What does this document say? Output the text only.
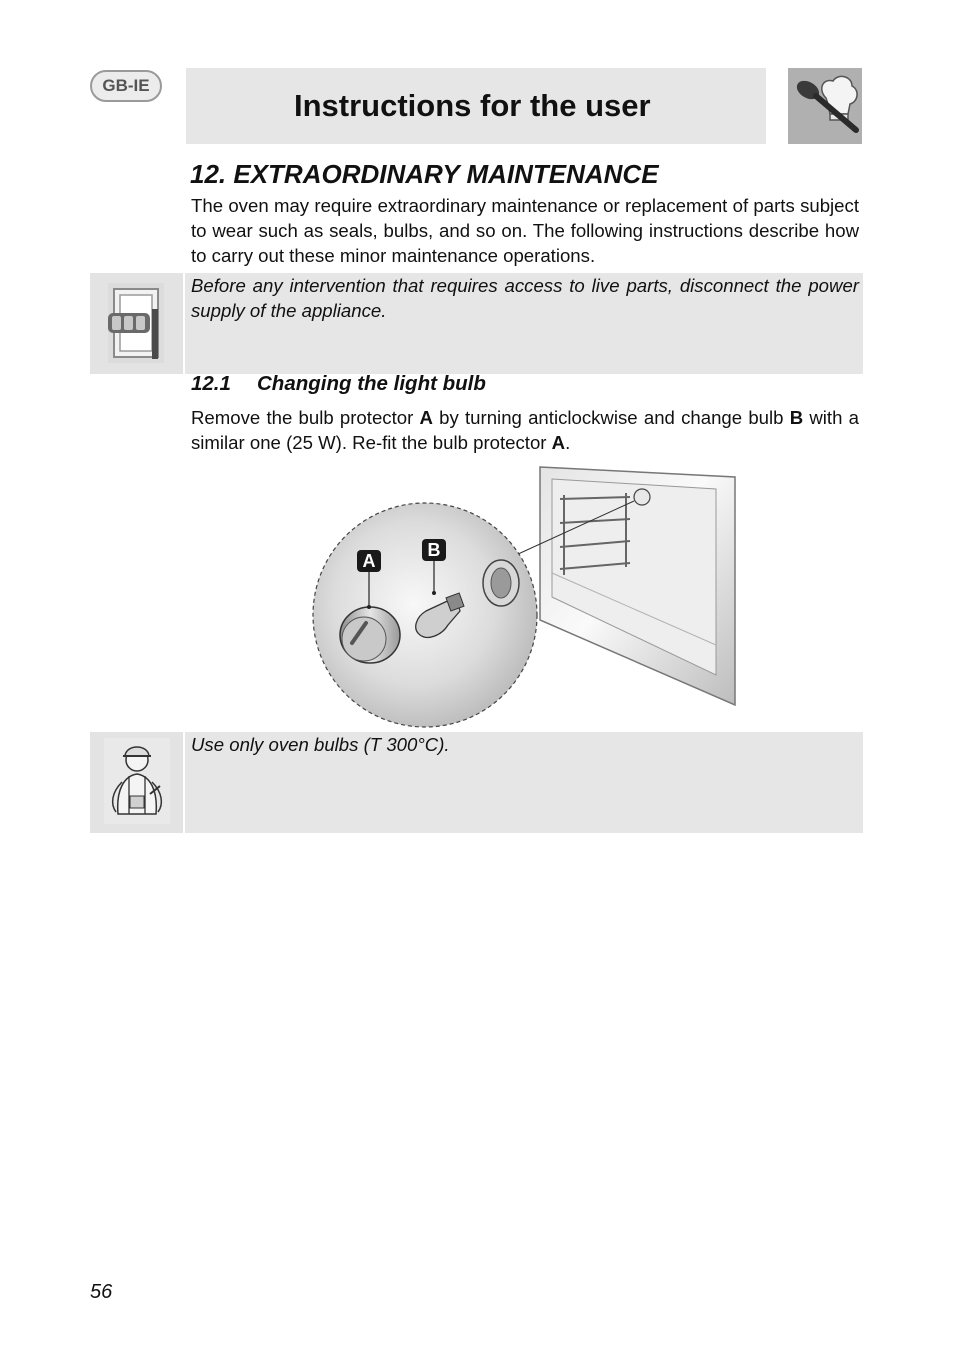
GB-IE
Instructions for the user
12. EXTRAORDINARY MAINTENANCE

The oven may require extraordinary maintenance or replacement of parts subject to wear such as seals, bulbs, and so on. The following instructions describe how to carry out these minor maintenance operations.

Before any intervention that requires access to live parts, disconnect the power supply of the appliance.

12.1 Changing the light bulb

Remove the bulb protector A by turning anticlockwise and change bulb B with a similar one (25 W). Re-fit the bulb protector A.

A
B

Use only oven bulbs (T 300°C).

56
